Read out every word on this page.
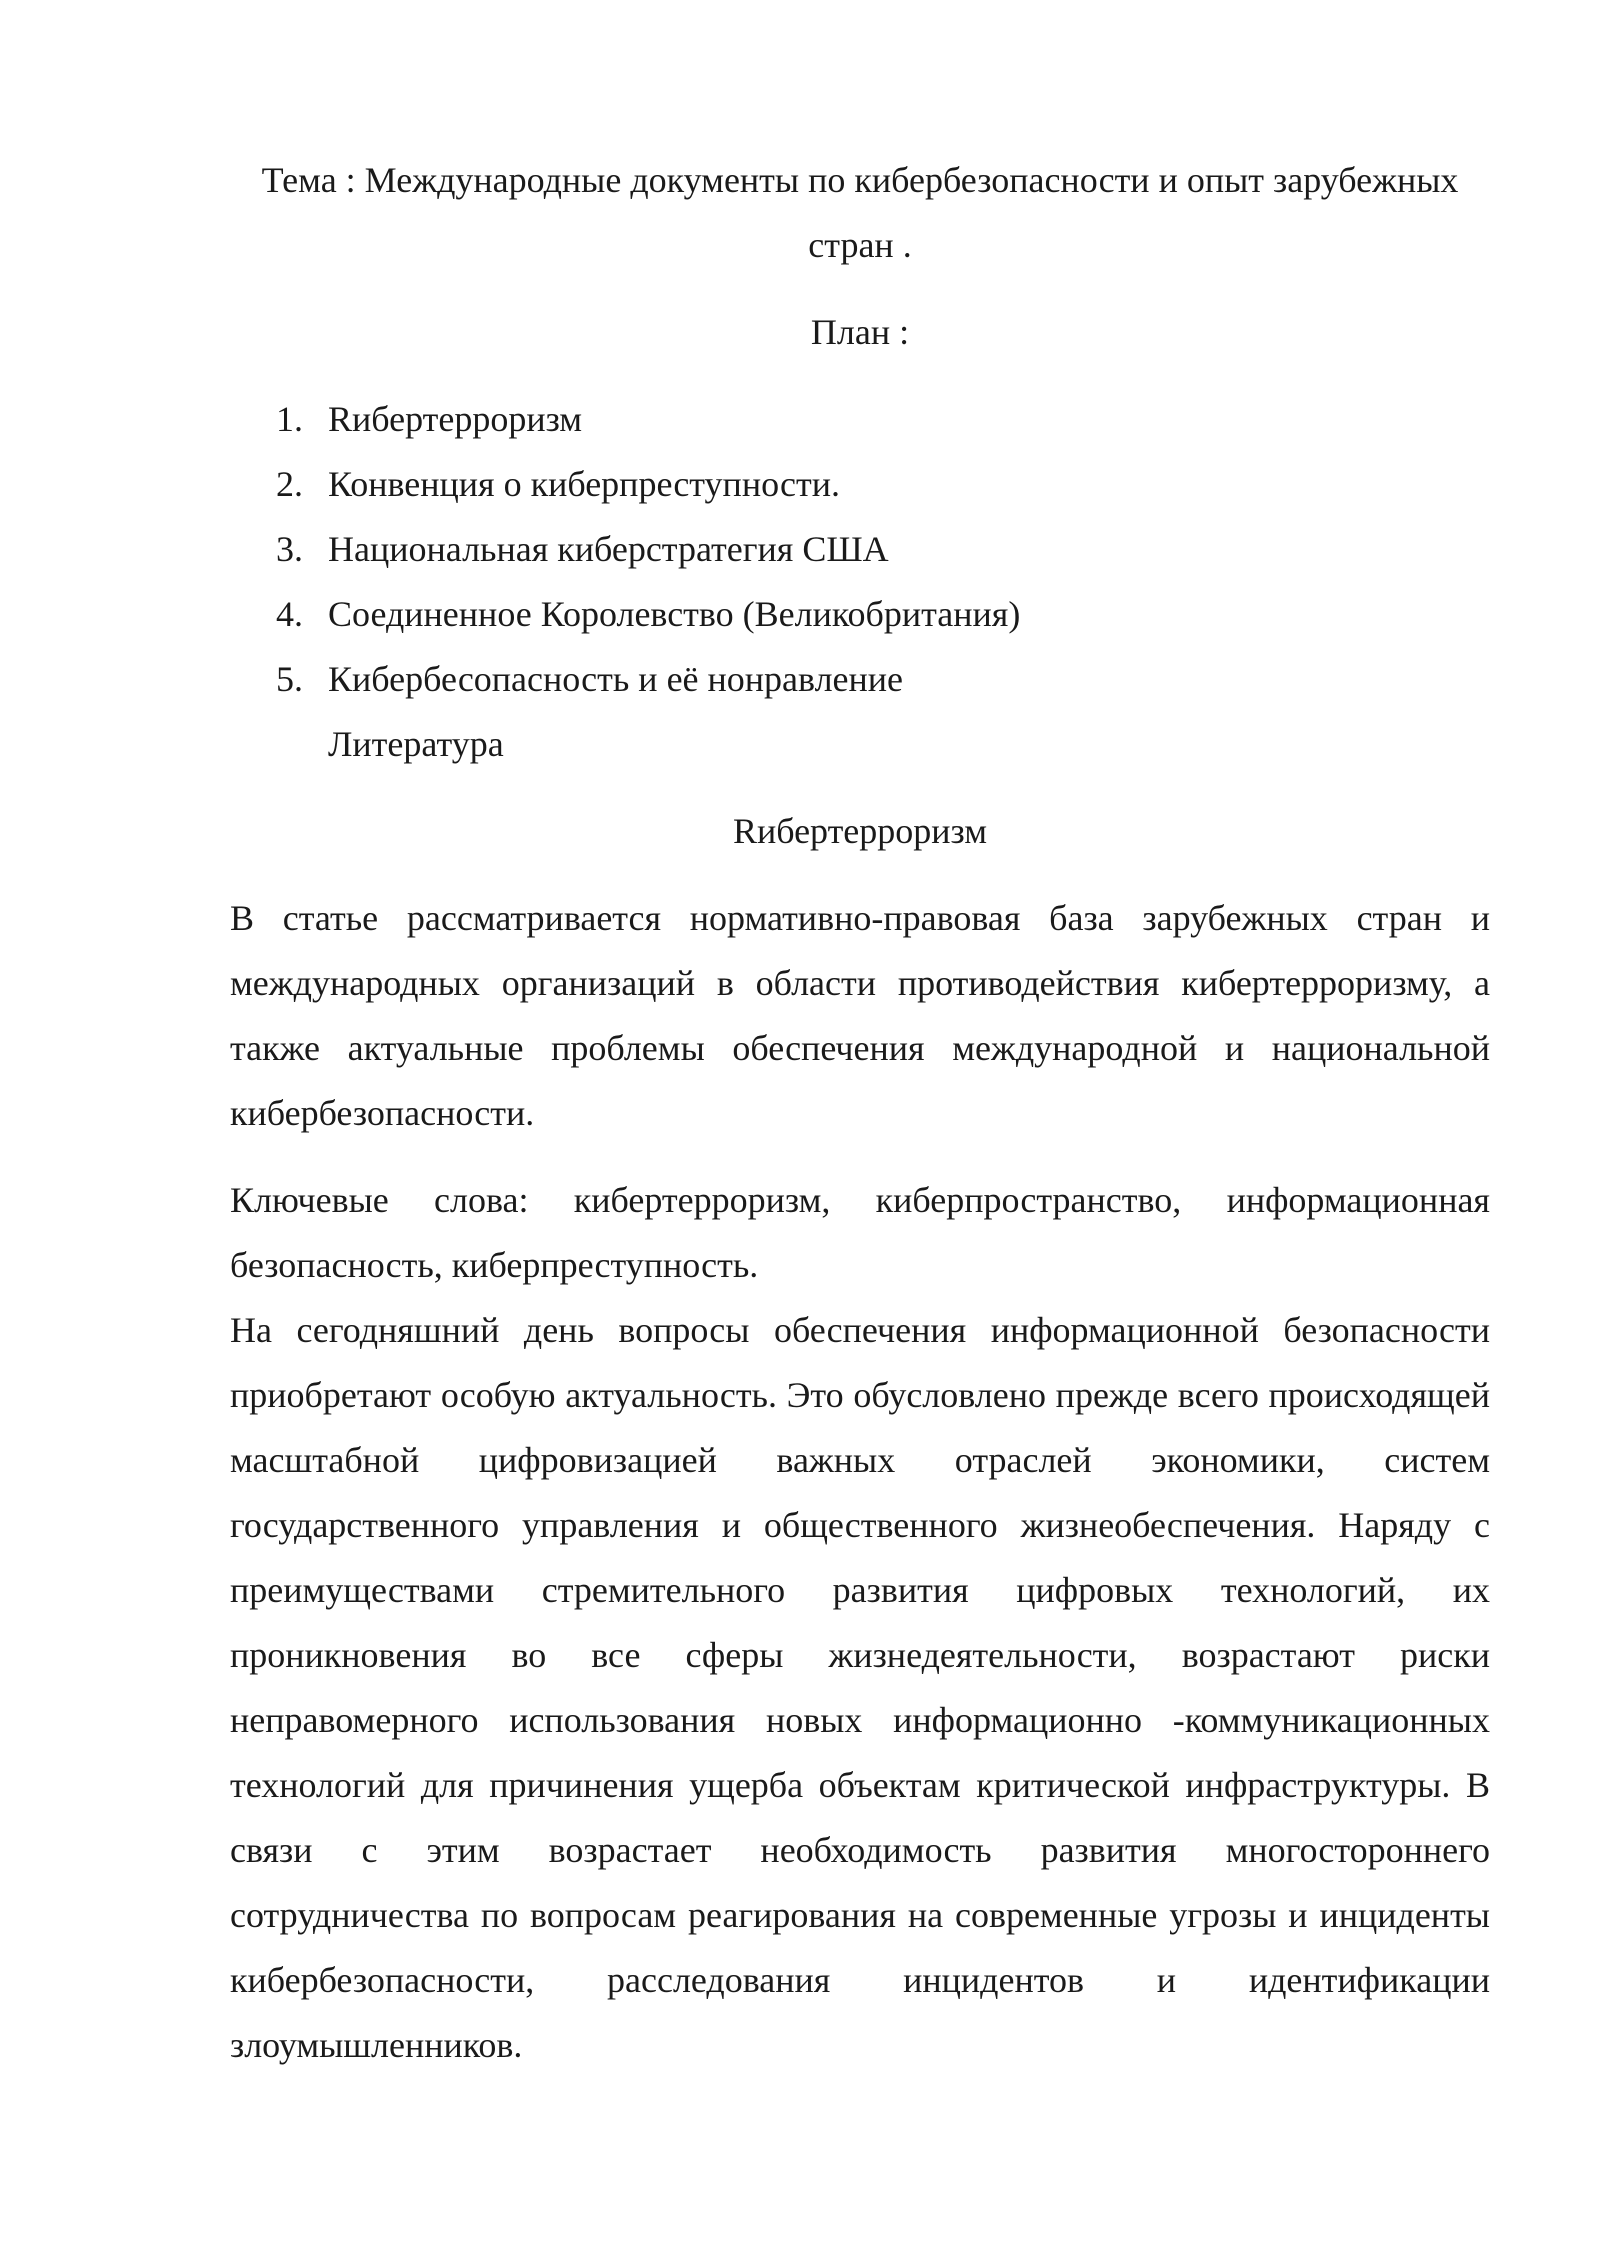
Тема : Международные документы по кибербезопасности и опыт зарубежных стран .
План :
1. Rибертерроризм
2. Конвенция о киберпреступности.
3. Национальная киберстратегия США
4. Соединенное Королевство (Великобритания)
5. Кибербесопасность и её нонравление
Литература
Rибертерроризм

В статье рассматривается нормативно-правовая база зарубежных стран и международных организаций в области противодействия кибертерроризму, а также актуальные проблемы обеспечения международной и национальной кибербезопасности.

Ключевые слова: кибертерроризм, киберпространство, информационная безопасность, киберпреступность.

На сегодняшний день вопросы обеспечения информационной безопасности приобретают особую актуальность. Это обусловлено прежде всего происходящей масштабной цифровизацией важных отраслей экономики, систем государственного управления и общественного жизнеобеспечения. Наряду с преимуществами стремительного развития цифровых технологий, их проникновения во все сферы жизнедеятельности, возрастают риски неправомерного использования новых информационно -коммуникационных технологий для причинения ущерба объектам критической инфраструктуры. В связи с этим возрастает необходимость развития многостороннего сотрудничества по вопросам реагирования на современные угрозы и инциденты кибербезопасности, расследования инцидентов и идентификации злоумышленников.
